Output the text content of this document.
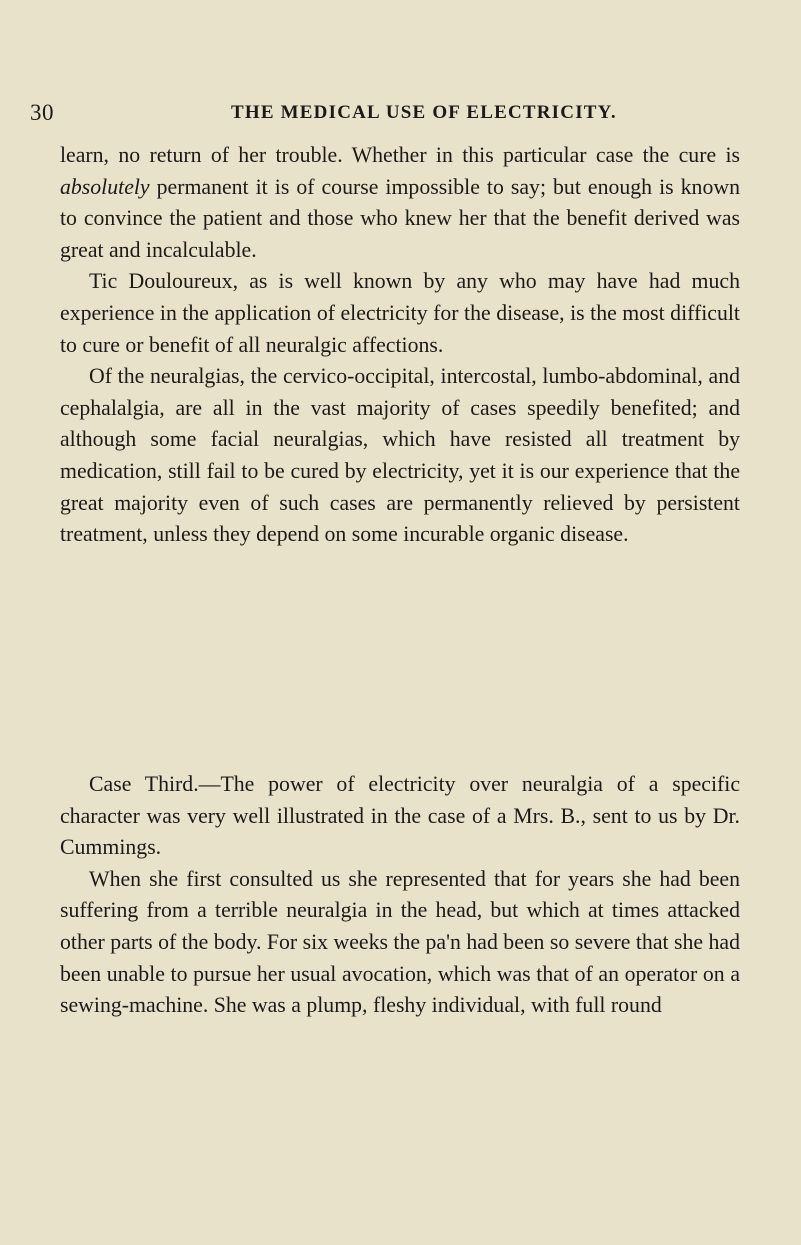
30	THE MEDICAL USE OF ELECTRICITY.

learn, no return of her trouble. Whether in this particular case the cure is absolutely permanent it is of course impossible to say; but enough is known to convince the patient and those who knew her that the benefit derived was great and incalculable.

Tic Douloureux, as is well known by any who may have had much experience in the application of electricity for the disease, is the most difficult to cure or benefit of all neuralgic affections.

Of the neuralgias, the cervico-occipital, intercostal, lumbo-abdominal, and cephalalgia, are all in the vast majority of cases speedily benefited; and although some facial neuralgias, which have resisted all treatment by medication, still fail to be cured by electricity, yet it is our experience that the great majority even of such cases are permanently relieved by persistent treatment, unless they depend on some incurable organic disease.

Case Third.—The power of electricity over neuralgia of a specific character was very well illustrated in the case of a Mrs. B., sent to us by Dr. Cummings.

When she first consulted us she represented that for years she had been suffering from a terrible neuralgia in the head, but which at times attacked other parts of the body. For six weeks the pa'n had been so severe that she had been unable to pursue her usual avocation, which was that of an operator on a sewing-machine. She was a plump, fleshy individual, with full round
